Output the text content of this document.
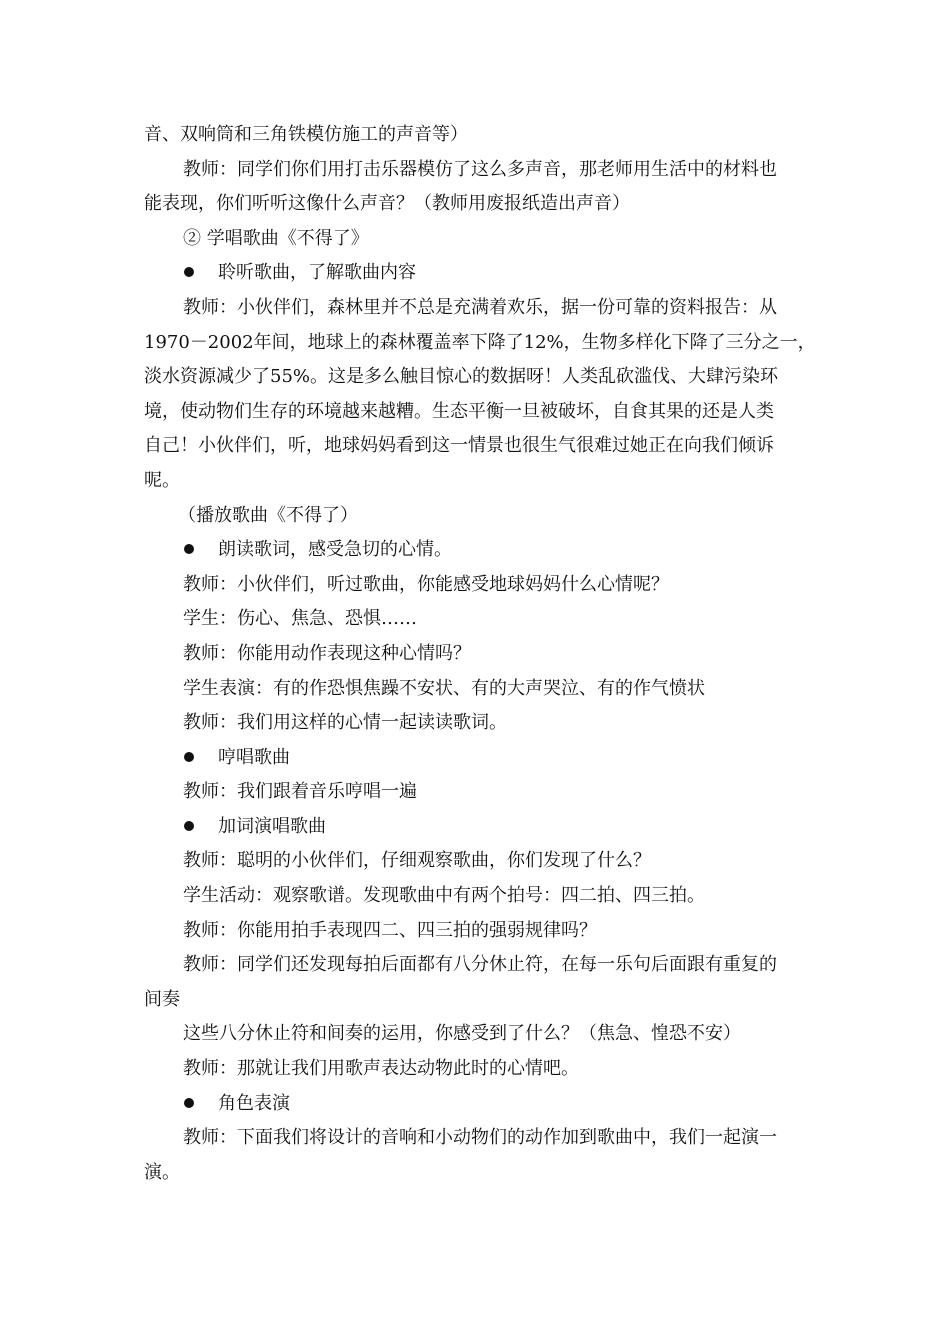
音、双响筒和三角铁模仿施工的声音等）
教师：同学们你们用打击乐器模仿了这么多声音，那老师用生活中的材料也
能表现，你们听听这像什么声音？（教师用废报纸造出声音）
② 学唱歌曲《不得了》
聆听歌曲，了解歌曲内容
教师：小伙伴们，森林里并不总是充满着欢乐，据一份可靠的资料报告：从
1970－2002年间，地球上的森林覆盖率下降了12%，生物多样化下降了三分之一，
淡水资源减少了55%。这是多么触目惊心的数据呀！人类乱砍滥伐、大肆污染环
境，使动物们生存的环境越来越糟。生态平衡一旦被破坏，自食其果的还是人类
自己！小伙伴们，听，地球妈妈看到这一情景也很生气很难过她正在向我们倾诉
呢。
（播放歌曲《不得了）
朗读歌词，感受急切的心情。
教师：小伙伴们，听过歌曲，你能感受地球妈妈什么心情呢？
学生：伤心、焦急、恐惧……
教师：你能用动作表现这种心情吗？
学生表演：有的作恐惧焦躁不安状、有的大声哭泣、有的作气愤状
教师：我们用这样的心情一起读读歌词。
哼唱歌曲
教师：我们跟着音乐哼唱一遍
加词演唱歌曲
教师：聪明的小伙伴们，仔细观察歌曲，你们发现了什么？
学生活动：观察歌谱。发现歌曲中有两个拍号：四二拍、四三拍。
教师：你能用拍手表现四二、四三拍的强弱规律吗？
教师：同学们还发现每拍后面都有八分休止符，在每一乐句后面跟有重复的
间奏
这些八分休止符和间奏的运用，你感受到了什么？（焦急、惶恐不安）
教师：那就让我们用歌声表达动物此时的心情吧。
角色表演
教师：下面我们将设计的音响和小动物们的动作加到歌曲中，我们一起演一
演。
